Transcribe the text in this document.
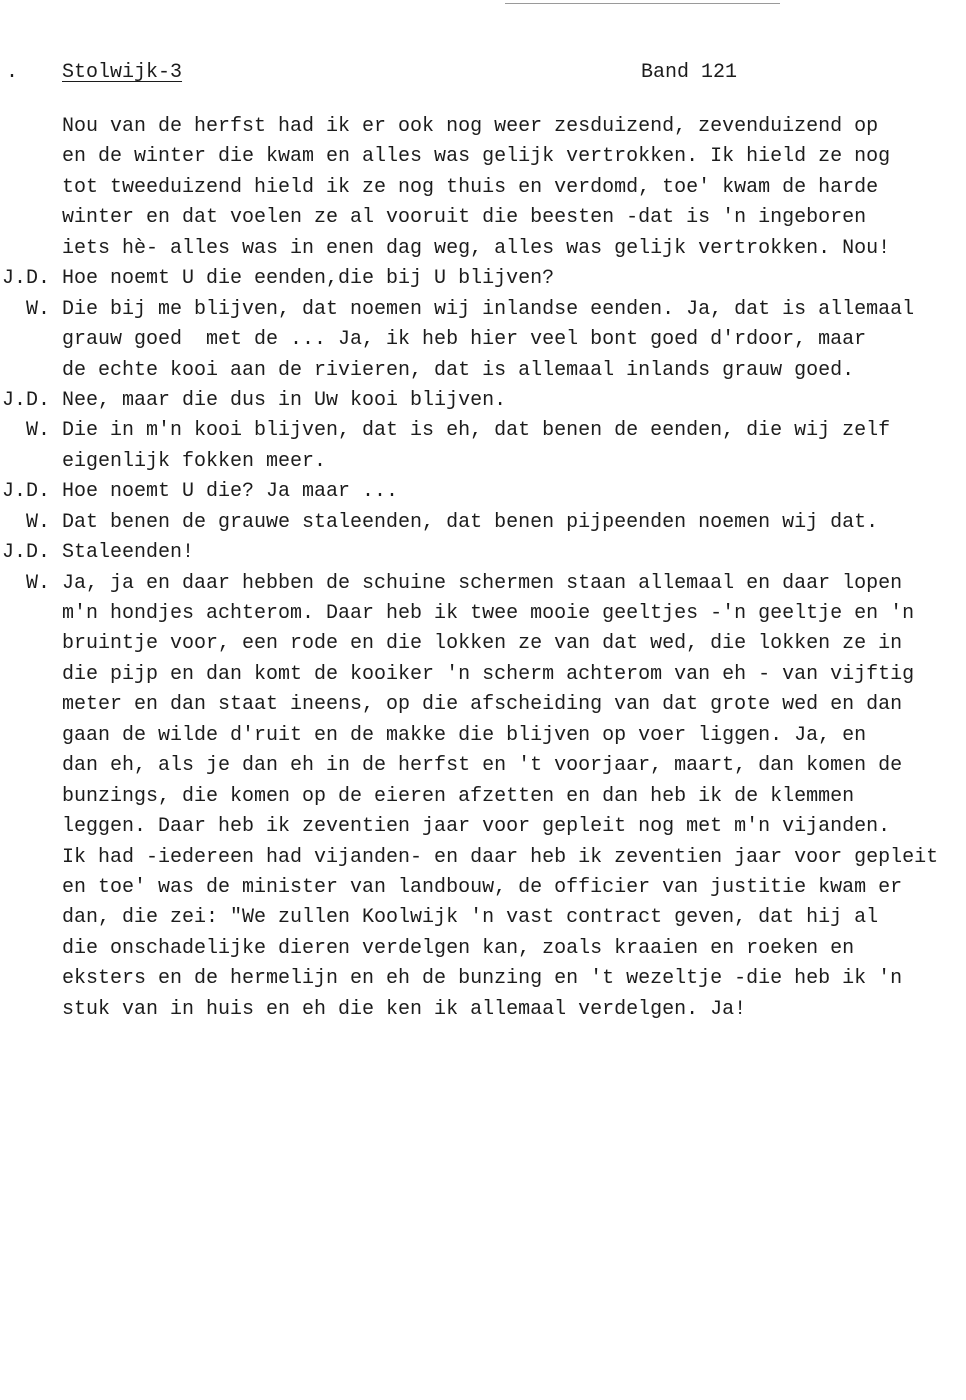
. Stolwijk-3	Band 121
Nou van de herfst had ik er ook nog weer zesduizend, zevenduizend op
en de winter die kwam en alles was gelijk vertrokken. Ik hield ze nog
tot tweeduizend hield ik ze nog thuis en verdomd, toe' kwam de harde
winter en dat voelen ze al vooruit die beesten -dat is 'n ingeboren
iets hè- alles was in enen dag weg, alles was gelijk vertrokken. Nou!
J.D. Hoe noemt U die eenden,die bij U blijven?
W. Die bij me blijven, dat noemen wij inlandse eenden. Ja, dat is allemaal
grauw goed  met de ... Ja, ik heb hier veel bont goed d'rdoor, maar
de echte kooi aan de rivieren, dat is allemaal inlands grauw goed.
J.D. Nee, maar die dus in Uw kooi blijven.
W. Die in m'n kooi blijven, dat is eh, dat benen de eenden, die wij zelf
eigenlijk fokken meer.
J.D. Hoe noemt U die? Ja maar ...
W. Dat benen de grauwe staleenden, dat benen pijpeenden noemen wij dat.
J.D. Staleenden!
W. Ja, ja en daar hebben de schuine schermen staan allemaal en daar lopen
m'n hondjes achterom. Daar heb ik twee mooie geeltjes -'n geeltje en 'n
bruintje voor, een rode en die lokken ze van dat wed, die lokken ze in
die pijp en dan komt de kooiker 'n scherm achterom van eh - van vijftig
meter en dan staat ineens, op die afscheiding van dat grote wed en dan
gaan de wilde d'ruit en de makke die blijven op voer liggen. Ja, en
dan eh, als je dan eh in de herfst en 't voorjaar, maart, dan komen de
bunzings, die komen op de eieren afzetten en dan heb ik de klemmen
leggen. Daar heb ik zeventien jaar voor gepleit nog met m'n vijanden.
Ik had -iedereen had vijanden- en daar heb ik zeventien jaar voor gepleit
en toe' was de minister van landbouw, de officier van justitie kwam er
dan, die zei: "We zullen Koolwijk 'n vast contract geven, dat hij al
die onschadelijke dieren verdelgen kan, zoals kraaien en roeken en
eksters en de hermelijn en eh de bunzing en 't wezeltje -die heb ik 'n
stuk van in huis en eh die ken ik allemaal verdelgen. Ja!
